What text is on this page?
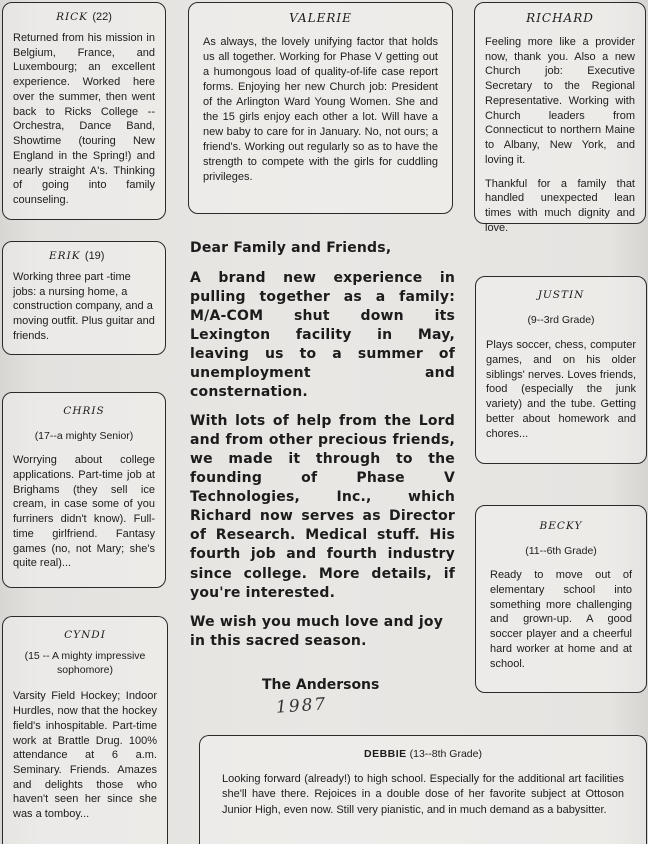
RICK (22)
Returned from his mission in Belgium, France, and Luxembourg; an excellent experience. Worked here over the summer, then went back to Ricks College -- Orchestra, Dance Band, Showtime (touring New England in the Spring!) and nearly straight A's. Thinking of going into family counseling.
VALERIE
As always, the lovely unifying factor that holds us all together. Working for Phase V getting out a humongous load of quality-of-life case report forms. Enjoying her new Church job: President of the Arlington Ward Young Women. She and the 15 girls enjoy each other a lot. Will have a new baby to care for in January. No, not ours; a friend's. Working out regularly so as to have the strength to compete with the girls for cuddling privileges.
RICHARD

Feeling more like a provider now, thank you. Also a new Church job: Executive Secretary to the Regional Representative. Working with Church leaders from Connecticut to northern Maine to Albany, New York, and loving it.

Thankful for a family that handled unexpected lean times with much dignity and love.

ERIK (19)
Working three part -time jobs: a nursing home, a construction company, and a moving outfit. Plus guitar and friends.

Dear Family and Friends,

A brand new experience in pulling together as a family: M/A-COM shut down its Lexington facility in May, leaving us to a summer of unemployment and consternation.

With lots of help from the Lord and from other precious friends, we made it through to the founding of Phase V Technologies, Inc., which Richard now serves as Director of Research. Medical stuff. His fourth job and fourth industry since college. More details, if you're interested.

We wish you much love and joy in this sacred season.

JUSTIN
(9--3rd Grade)
Plays soccer, chess, computer games, and on his older siblings' nerves. Loves friends, food (especially the junk variety) and the tube. Getting better about homework and chores...
CHRIS
(17--a mighty Senior)
Worrying about college applications. Part-time job at Brighams (they sell ice cream, in case some of you furriners didn't know). Full-time girlfriend. Fantasy games (no, not Mary; she's quite real)...
BECKY
(11--6th Grade)
Ready to move out of elementary school into something more challenging and grown-up. A good soccer player and a cheerful hard worker at home and at school.
CYNDI
(15 -- A mighty impressive sophomore)
Varsity Field Hockey; Indoor Hurdles, now that the hockey field's inhospitable. Part-time work at Brattle Drug. 100% attendance at 6 a.m. Seminary. Friends. Amazes and delights those who haven't seen her since she was a tomboy...
The Andersons
1987
DEBBIE (13--8th Grade)
Looking forward (already!) to high school. Especially for the additional art facilities she'll have there. Rejoices in a double dose of her favorite subject at Ottoson Junior High, even now. Still very pianistic, and in much demand as a babysitter.
